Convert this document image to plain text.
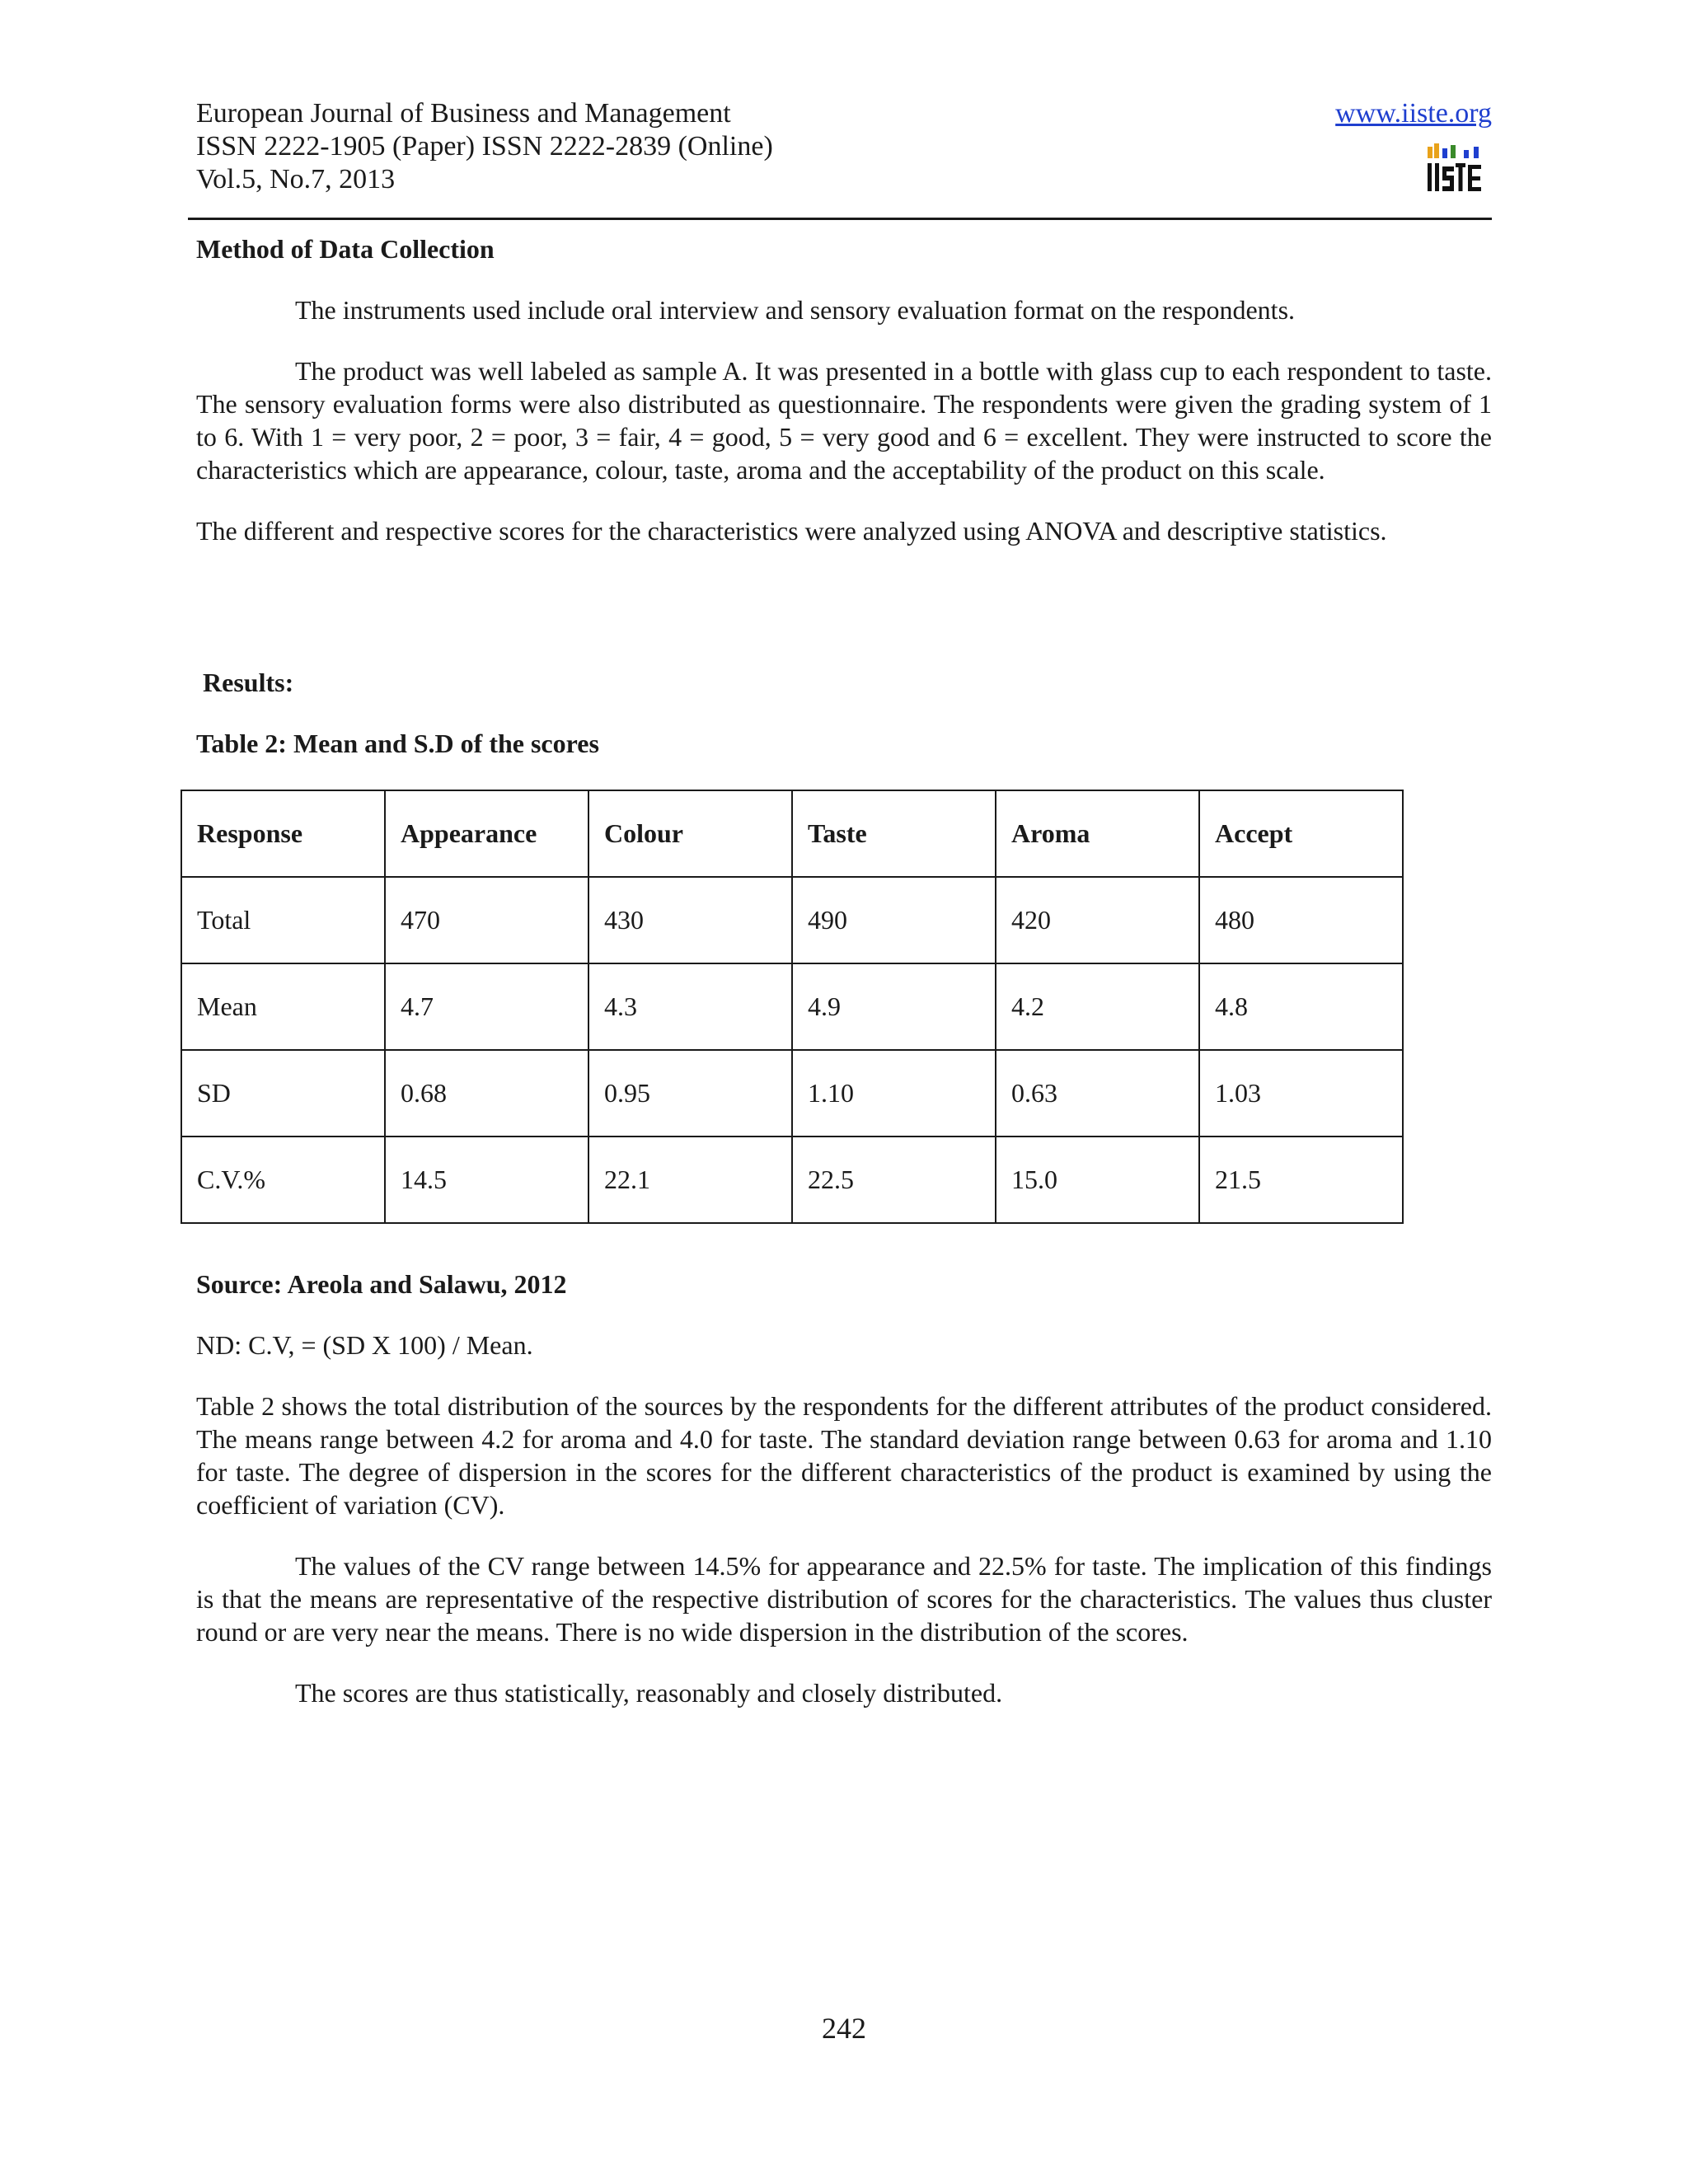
European Journal of Business and Management
ISSN 2222-1905 (Paper) ISSN 2222-2839 (Online)
Vol.5, No.7, 2013
www.iiste.org

Method of Data Collection

The instruments used include oral interview and sensory evaluation format on the respondents.

The product was well labeled as sample A. It was presented in a bottle with glass cup to each respondent to taste. The sensory evaluation forms were also distributed as questionnaire. The respondents were given the grading system of 1 to 6. With 1 = very poor, 2 = poor, 3 = fair, 4 = good, 5 = very good and 6 = excellent. They were instructed to score the characteristics which are appearance, colour, taste, aroma and the acceptability of the product on this scale.

The different and respective scores for the characteristics were analyzed using ANOVA and descriptive statistics.

Results:

Table 2: Mean and S.D of the scores

Response	Appearance	Colour	Taste	Aroma	Accept
Total	470	430	490	420	480
Mean	4.7	4.3	4.9	4.2	4.8
SD	0.68	0.95	1.10	0.63	1.03
C.V.%	14.5	22.1	22.5	15.0	21.5

Source: Areola and Salawu, 2012

ND: C.V, = (SD X 100) / Mean.

Table 2 shows the total distribution of the sources by the respondents for the different attributes of the product considered. The means range between 4.2 for aroma and 4.0 for taste. The standard deviation range between 0.63 for aroma and 1.10 for taste. The degree of dispersion in the scores for the different characteristics of the product is examined by using the coefficient of variation (CV).

The values of the CV range between 14.5% for appearance and 22.5% for taste. The implication of this findings is that the means are representative of the respective distribution of scores for the characteristics. The values thus cluster round or are very near the means. There is no wide dispersion in the distribution of the scores.

The scores are thus statistically, reasonably and closely distributed.

242
